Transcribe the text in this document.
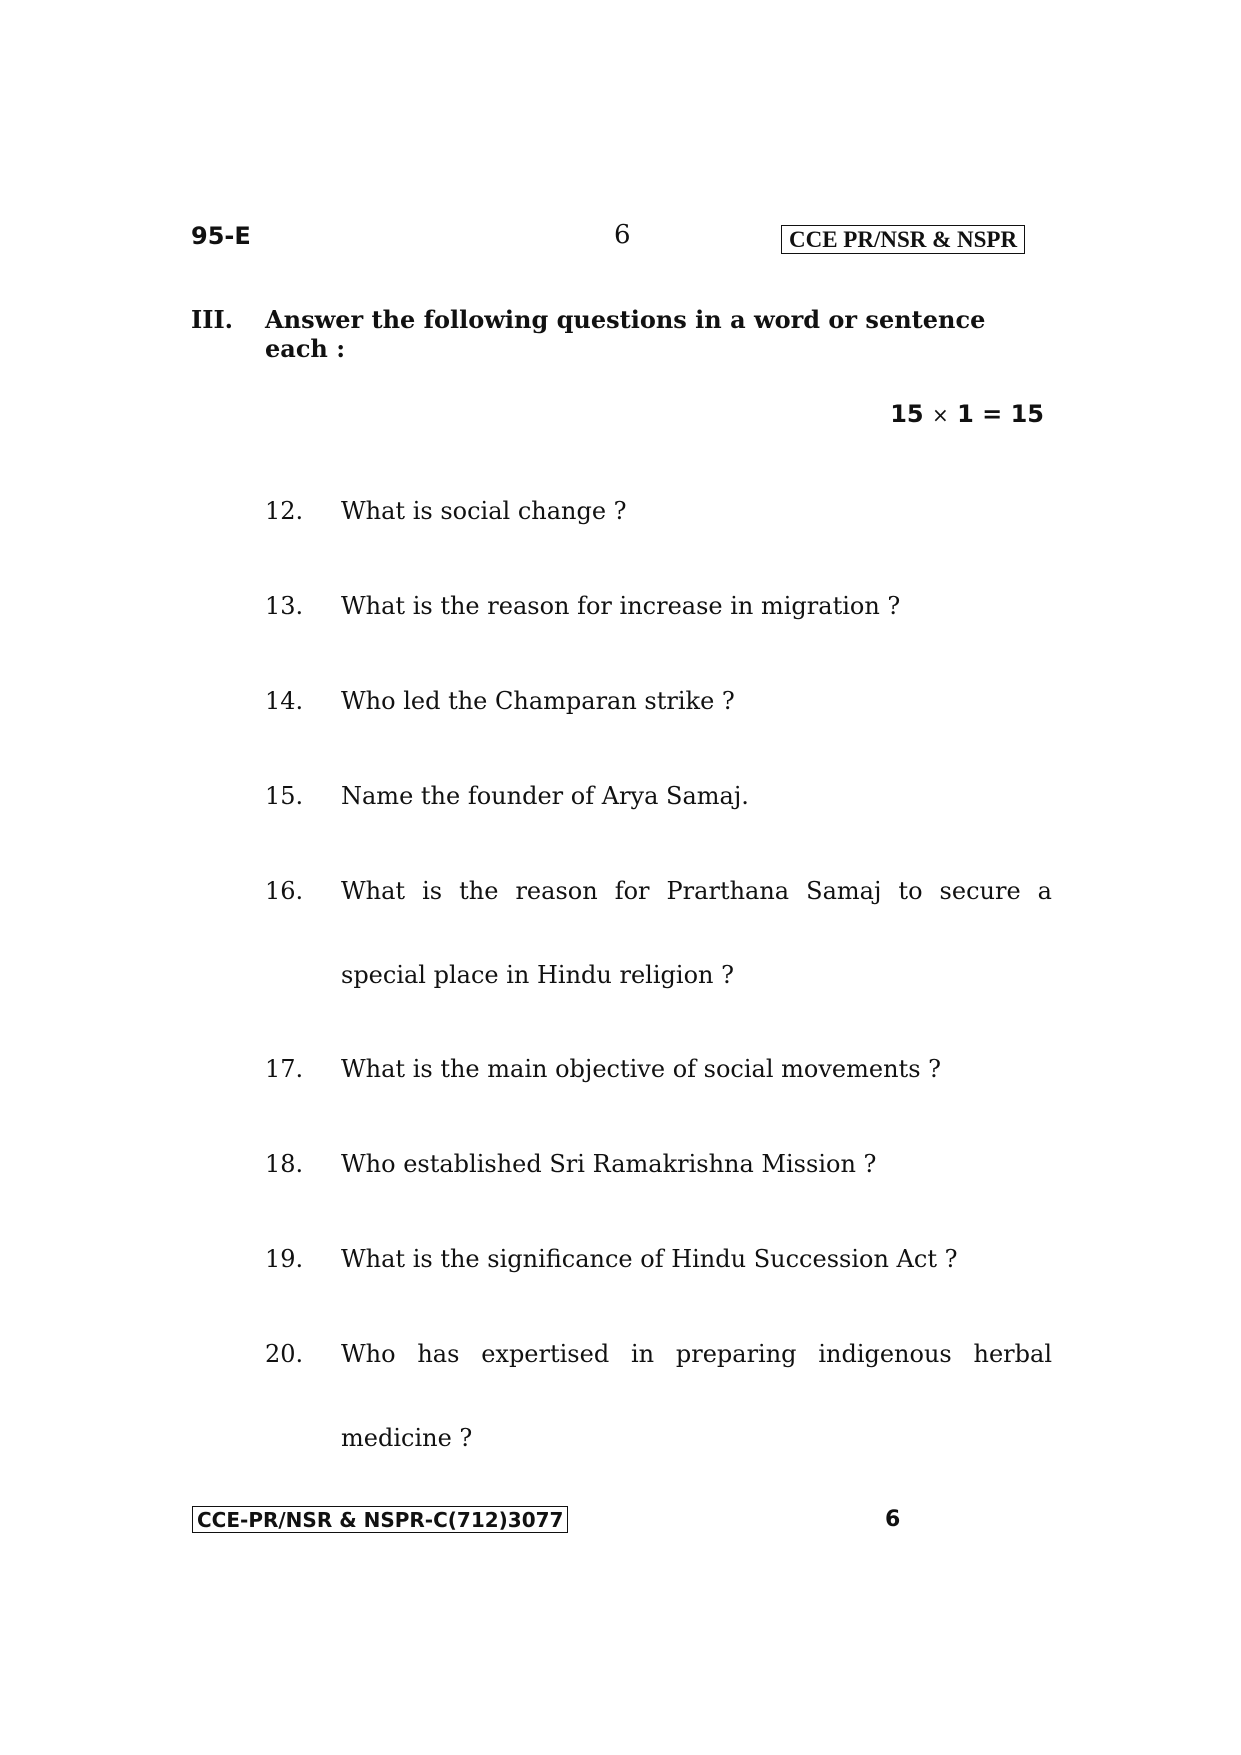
95-E	6	CCE PR/NSR & NSPR
III. Answer the following questions in a word or sentence each :
15 × 1 = 15
12. What is social change ?
13. What is the reason for increase in migration ?
14. Who led the Champaran strike ?
15. Name the founder of Arya Samaj.
16. What is the reason for Prarthana Samaj to secure a special place in Hindu religion ?
17. What is the main objective of social movements ?
18. Who established Sri Ramakrishna Mission ?
19. What is the significance of Hindu Succession Act ?
20. Who has expertised in preparing indigenous herbal medicine ?
CCE-PR/NSR & NSPR-C(712)3077	6
